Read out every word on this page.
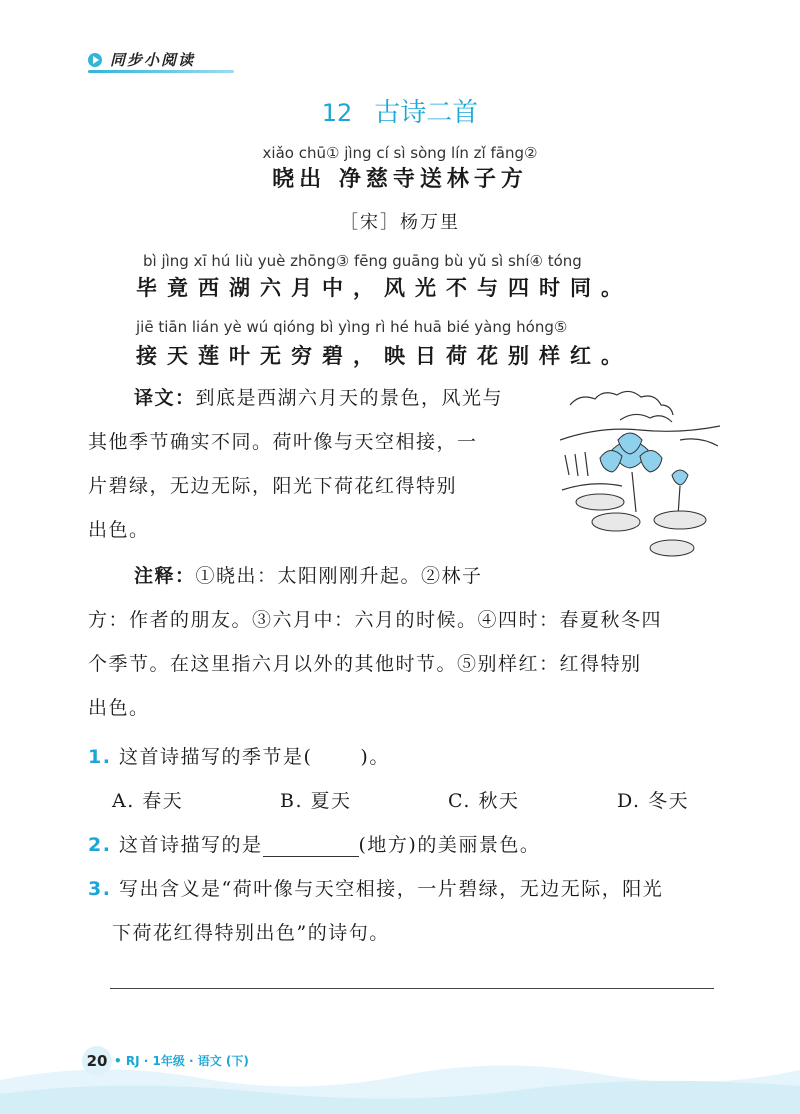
同步小阅读
12 古诗二首
xiǎo chū① jìng cí sì sòng lín zǐ fāng②
晓出 净慈寺送林子方
［宋］杨万里
bì jìng xī hú liù yuè zhōng③ fēng guāng bù yǔ sì shí④ tóng
毕竟西湖六月中，风光不与四时同。
jiē tiān lián yè wú qióng bì yìng rì hé huā bié yàng hóng⑤
接天莲叶无穷碧，映日荷花别样红。
译文：到底是西湖六月天的景色，风光与
其他季节确实不同。荷叶像与天空相接，一
片碧绿，无边无际，阳光下荷花红得特别
出色。
注释：①晓出：太阳刚刚升起。②林子
方：作者的朋友。③六月中：六月的时候。④四时：春夏秋冬四
个季节。在这里指六月以外的其他时节。⑤别样红：红得特别
出色。
1. 这首诗描写的季节是(	)。
A. 春天	B. 夏天	C. 秋天	D. 冬天
2. 这首诗描写的是	(地方)的美丽景色。
3. 写出含义是“荷叶像与天空相接，一片碧绿，无边无际，阳光
下荷花红得特别出色”的诗句。
20 • RJ · 1年级 · 语文 (下)
